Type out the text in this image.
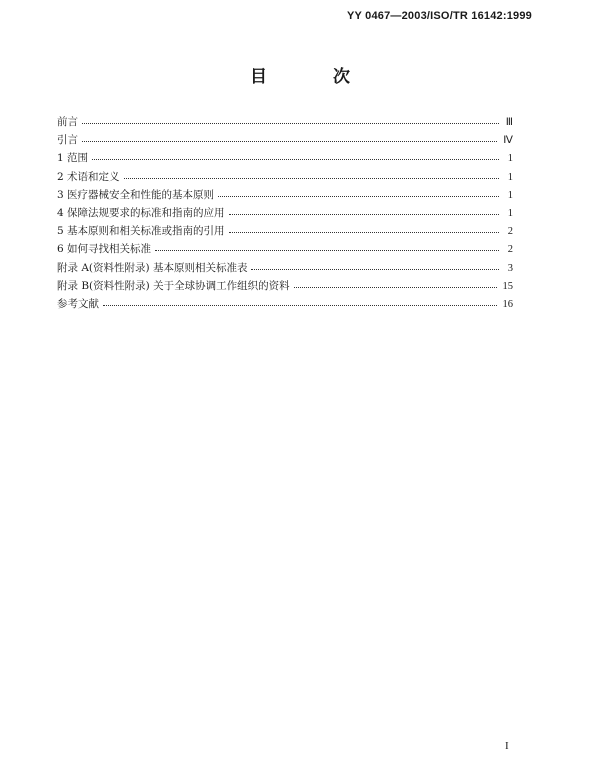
YY 0467—2003/ISO/TR 16142:1999
目 次
前言	Ⅲ
引言	Ⅳ
1 范围	1
2 术语和定义	1
3 医疗器械安全和性能的基本原则	1
4 保障法规要求的标准和指南的应用	1
5 基本原则和相关标准或指南的引用	2
6 如何寻找相关标准	2
附录 A(资料性附录) 基本原则相关标准表	3
附录 B(资料性附录) 关于全球协调工作组织的资料	15
参考文献	16
I
